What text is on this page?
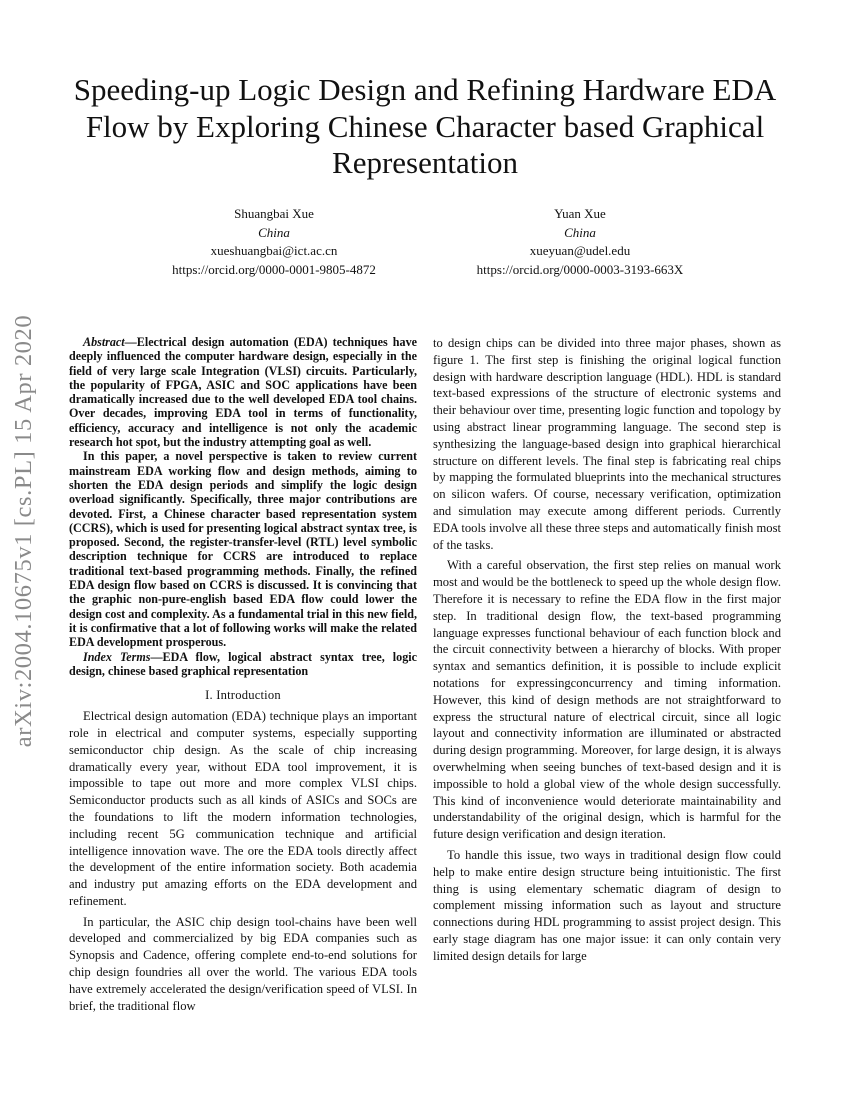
arXiv:2004.10675v1 [cs.PL] 15 Apr 2020
Speeding-up Logic Design and Refining Hardware EDA Flow by Exploring Chinese Character based Graphical Representation
Shuangbai Xue
China
xueshuangbai@ict.ac.cn
https://orcid.org/0000-0001-9805-4872
Yuan Xue
China
xueyuan@udel.edu
https://orcid.org/0000-0003-3193-663X

Abstract—Electrical design automation (EDA) techniques have deeply influenced the computer hardware design, especially in the field of very large scale Integration (VLSI) circuits. Particularly, the popularity of FPGA, ASIC and SOC applications have been dramatically increased due to the well developed EDA tool chains. Over decades, improving EDA tool in terms of functionality, efficiency, accuracy and intelligence is not only the academic research hot spot, but the industry attempting goal as well.

In this paper, a novel perspective is taken to review current mainstream EDA working flow and design methods, aiming to shorten the EDA design periods and simplify the logic design overload significantly. Specifically, three major contributions are devoted. First, a Chinese character based representation system (CCRS), which is used for presenting logical abstract syntax tree, is proposed. Second, the register-transfer-level (RTL) level symbolic description technique for CCRS are introduced to replace traditional text-based programming methods. Finally, the refined EDA design flow based on CCRS is discussed. It is convincing that the graphic non-pure-english based EDA flow could lower the design cost and complexity. As a fundamental trial in this new field, it is confirmative that a lot of following works will make the related EDA development prosperous.

Index Terms—EDA flow, logical abstract syntax tree, logic design, chinese based graphical representation

I. Introduction

Electrical design automation (EDA) technique plays an important role in electrical and computer systems, especially supporting semiconductor chip design. As the scale of chip increasing dramatically every year, without EDA tool improvement, it is impossible to tape out more and more complex VLSI chips. Semiconductor products such as all kinds of ASICs and SOCs are the foundations to lift the modern information technologies, including recent 5G communication technique and artificial intelligence innovation wave. The ore the EDA tools directly affect the development of the entire information society. Both academia and industry put amazing efforts on the EDA development and refinement.

In particular, the ASIC chip design tool-chains have been well developed and commercialized by big EDA companies such as Synopsis and Cadence, offering complete end-to-end solutions for chip design foundries all over the world. The various EDA tools have extremely accelerated the design/verification speed of VLSI. In brief, the traditional flow

to design chips can be divided into three major phases, shown as figure 1. The first step is finishing the original logical function design with hardware description language (HDL). HDL is standard text-based expressions of the structure of electronic systems and their behaviour over time, presenting logic function and topology by using abstract linear programming language. The second step is synthesizing the language-based design into graphical hierarchical structure on different levels. The final step is fabricating real chips by mapping the formulated blueprints into the mechanical structures on silicon wafers. Of course, necessary verification, optimization and simulation may execute among different periods. Currently EDA tools involve all these three steps and automatically finish most of the tasks.

With a careful observation, the first step relies on manual work most and would be the bottleneck to speed up the whole design flow. Therefore it is necessary to refine the EDA flow in the first major step. In traditional design flow, the text-based programming language expresses functional behaviour of each function block and the circuit connectivity between a hierarchy of blocks. With proper syntax and semantics definition, it is possible to include explicit notations for expressingconcurrency and timing information. However, this kind of design methods are not straightforward to express the structural nature of electrical circuit, since all logic layout and connectivity information are illuminated or abstracted during design programming. Moreover, for large design, it is always overwhelming when seeing bunches of text-based design and it is impossible to hold a global view of the whole design successfully. This kind of inconvenience would deteriorate maintainability and understandability of the original design, which is harmful for the future design verification and design iteration.

To handle this issue, two ways in traditional design flow could help to make entire design structure being intuitionistic. The first thing is using elementary schematic diagram of design to complement missing information such as layout and structure connections during HDL programming to assist project design. This early stage diagram has one major issue: it can only contain very limited design details for large
